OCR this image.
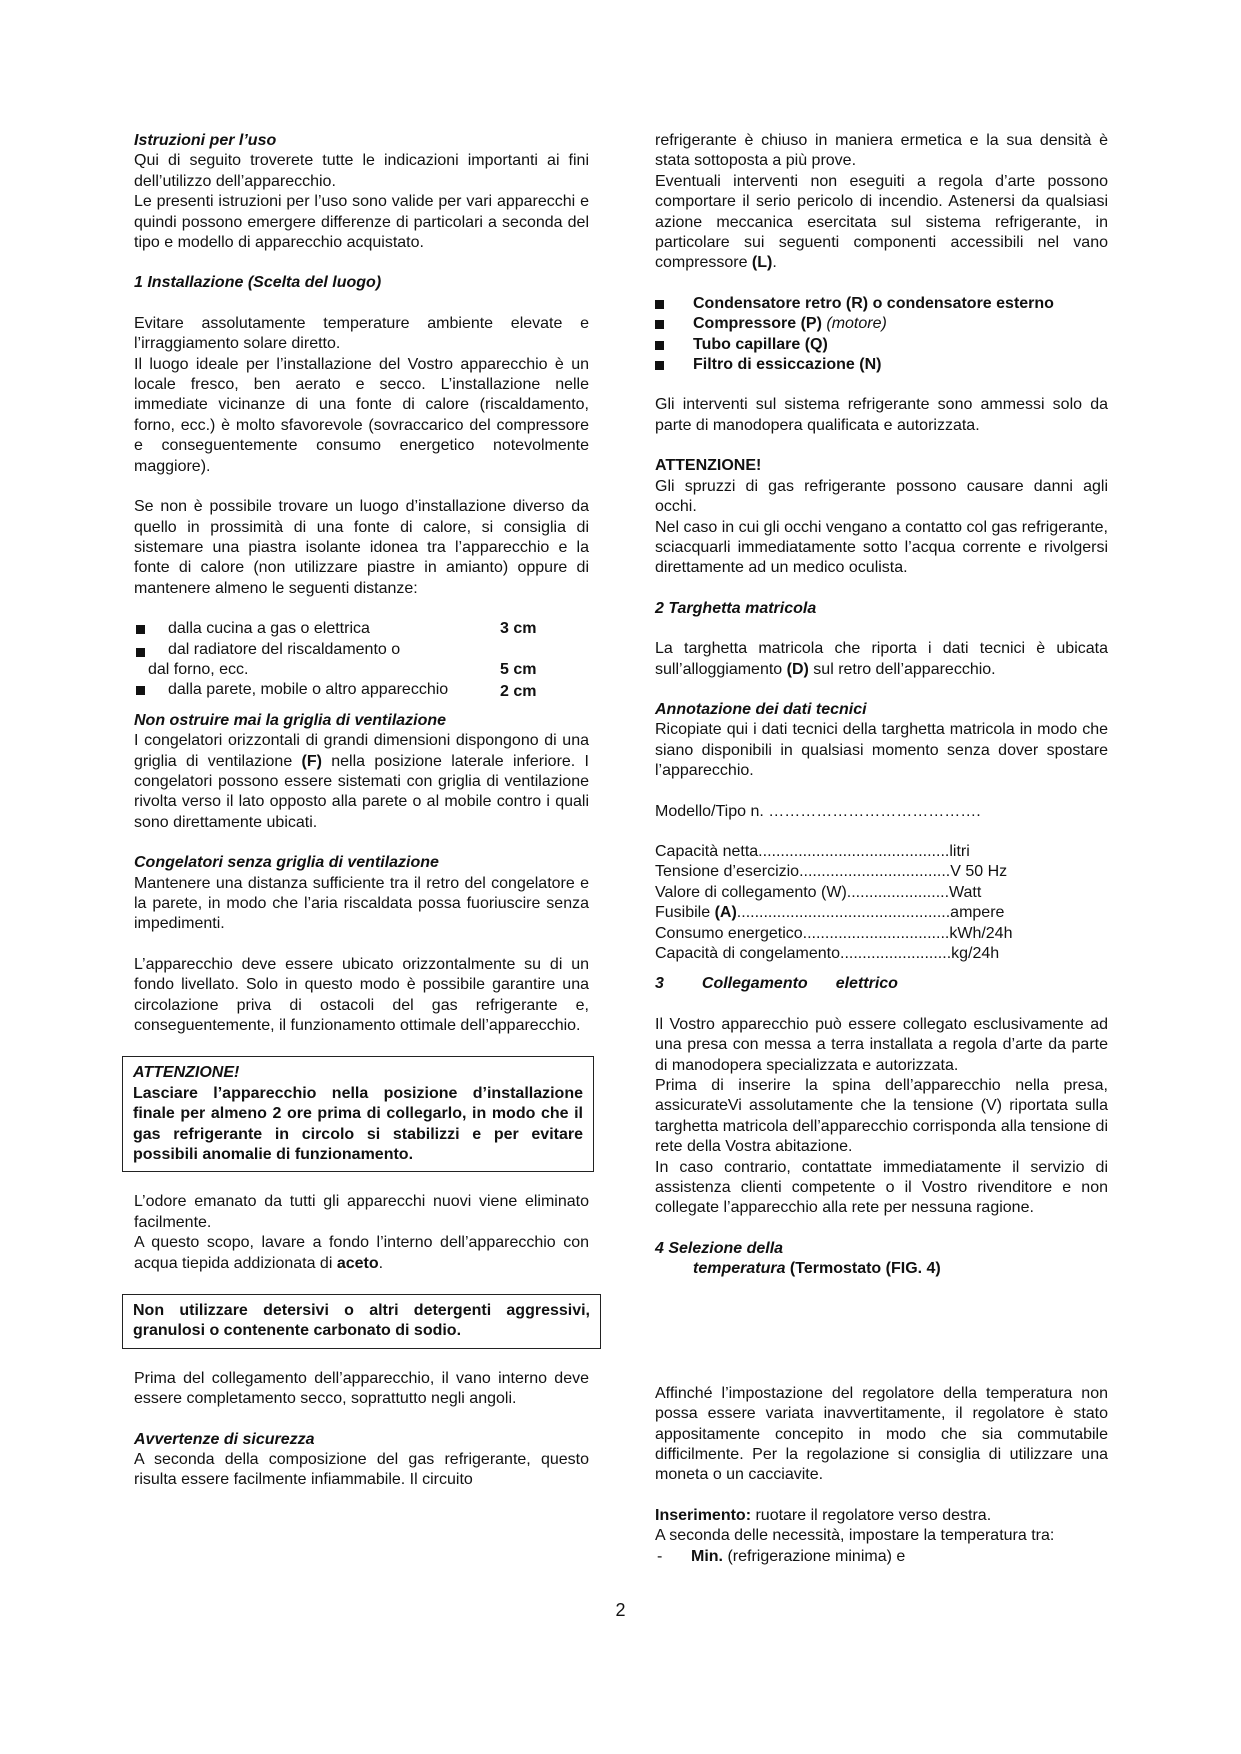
Istruzioni per l’uso

Qui di seguito troverete tutte le indicazioni importanti ai fini dell’utilizzo dell’apparecchio.

Le presenti istruzioni per l’uso sono valide per vari apparecchi e quindi possono emergere differenze di particolari a seconda del tipo e modello di apparecchio acquistato.

1 Installazione (Scelta del luogo)

Evitare assolutamente temperature ambiente elevate e l’irraggiamento solare diretto.

Il luogo ideale per l’installazione del Vostro apparecchio è un locale fresco, ben aerato e secco. L’installazione nelle immediate vicinanze di una fonte di calore (riscaldamento, forno, ecc.) è molto sfavorevole (sovraccarico del compressore e conseguentemente consumo energetico notevolmente maggiore).

Se non è possibile trovare un luogo d’installazione diverso da quello in prossimità di una fonte di calore, si consiglia di sistemare una piastra isolante idonea tra l’apparecchio e la fonte di calore (non utilizzare piastre in amianto) oppure di mantenere almeno le seguenti distanze:

dalla cucina a gas o elettrica	3 cm
dal radiatore del riscaldamento o
dal forno, ecc.	5 cm
dalla parete, mobile o altro apparecchio	2 cm

Non ostruire mai la griglia di ventilazione

I congelatori orizzontali di grandi dimensioni dispongono di una griglia di ventilazione (F) nella posizione laterale inferiore. I congelatori possono essere sistemati con griglia di ventilazione rivolta verso il lato opposto alla parete o al mobile contro i quali sono direttamente ubicati.

Congelatori senza griglia di ventilazione

Mantenere una distanza sufficiente tra il retro del congelatore e la parete, in modo che l’aria riscaldata possa fuoriuscire senza impedimenti.

L’apparecchio deve essere ubicato orizzontalmente su di un fondo livellato. Solo in questo modo è possibile garantire una circolazione priva di ostacoli del gas refrigerante e, conseguentemente, il funzionamento ottimale dell’apparecchio.

ATTENZIONE!

Lasciare l’apparecchio nella posizione d’installazione finale per almeno 2 ore prima di collegarlo, in modo che il gas refrigerante in circolo si stabilizzi e per evitare possibili anomalie di funzionamento.

L’odore emanato da tutti gli apparecchi nuovi viene eliminato facilmente.

A questo scopo, lavare a fondo l’interno dell’apparecchio con acqua tiepida addizionata di aceto.

Non utilizzare detersivi o altri detergenti aggressivi, granulosi o contenente carbonato di sodio.

Prima del collegamento dell’apparecchio, il vano interno deve essere completamento secco, soprattutto negli angoli.

Avvertenze di sicurezza

A seconda della composizione del gas refrigerante, questo risulta essere facilmente infiammabile. Il circuito

refrigerante è chiuso in maniera ermetica e la sua densità è stata sottoposta a più prove.

Eventuali interventi non eseguiti a regola d’arte possono comportare il serio pericolo di incendio. Astenersi da qualsiasi azione meccanica esercitata sul sistema refrigerante, in particolare sui seguenti componenti accessibili nel vano compressore (L).

Condensatore retro (R) o condensatore esterno
Compressore (P) (motore)
Tubo capillare (Q)
Filtro di essiccazione (N)

Gli interventi sul sistema refrigerante sono ammessi solo da parte di manodopera qualificata e autorizzata.

ATTENZIONE!

Gli spruzzi di gas refrigerante possono causare danni agli occhi.

Nel caso in cui gli occhi vengano a contatto col gas refrigerante, sciacquarli immediatamente sotto l’acqua corrente e rivolgersi direttamente ad un medico oculista.

2 Targhetta matricola

La targhetta matricola che riporta i dati tecnici è ubicata sull’alloggiamento (D) sul retro dell’apparecchio.

Annotazione dei dati tecnici

Ricopiate qui i dati tecnici della targhetta matricola in modo che siano disponibili in qualsiasi momento senza dover spostare l’apparecchio.

Modello/Tipo n. ………………………………….

Capacità netta...........................................litri

Tensione d’esercizio..................................V 50 Hz

Valore di collegamento (W).......................Watt

Fusibile (A)................................................ampere

Consumo energetico.................................kWh/24h

Capacità di congelamento.........................kg/24h

3 Collegamento elettrico

Il Vostro apparecchio può essere collegato esclusivamente ad una presa con messa a terra installata a regola d’arte da parte di manodopera specializzata e autorizzata.

Prima di inserire la spina dell’apparecchio nella presa, assicurateVi assolutamente che la tensione (V) riportata sulla targhetta matricola dell’apparecchio corrisponda alla tensione di rete della Vostra abitazione.

In caso contrario, contattate immediatamente il servizio di assistenza clienti competente o il Vostro rivenditore e non collegate l’apparecchio alla rete per nessuna ragione.

4 Selezione della

temperatura (Termostato (FIG. 4)

Affinché l’impostazione del regolatore della temperatura non possa essere variata inavvertitamente, il regolatore è stato appositamente concepito in modo che sia commutabile difficilmente. Per la regolazione si consiglia di utilizzare una moneta o un cacciavite.

Inserimento: ruotare il regolatore verso destra.

A seconda delle necessità, impostare la temperatura tra:

- Min. (refrigerazione minima) e
2
